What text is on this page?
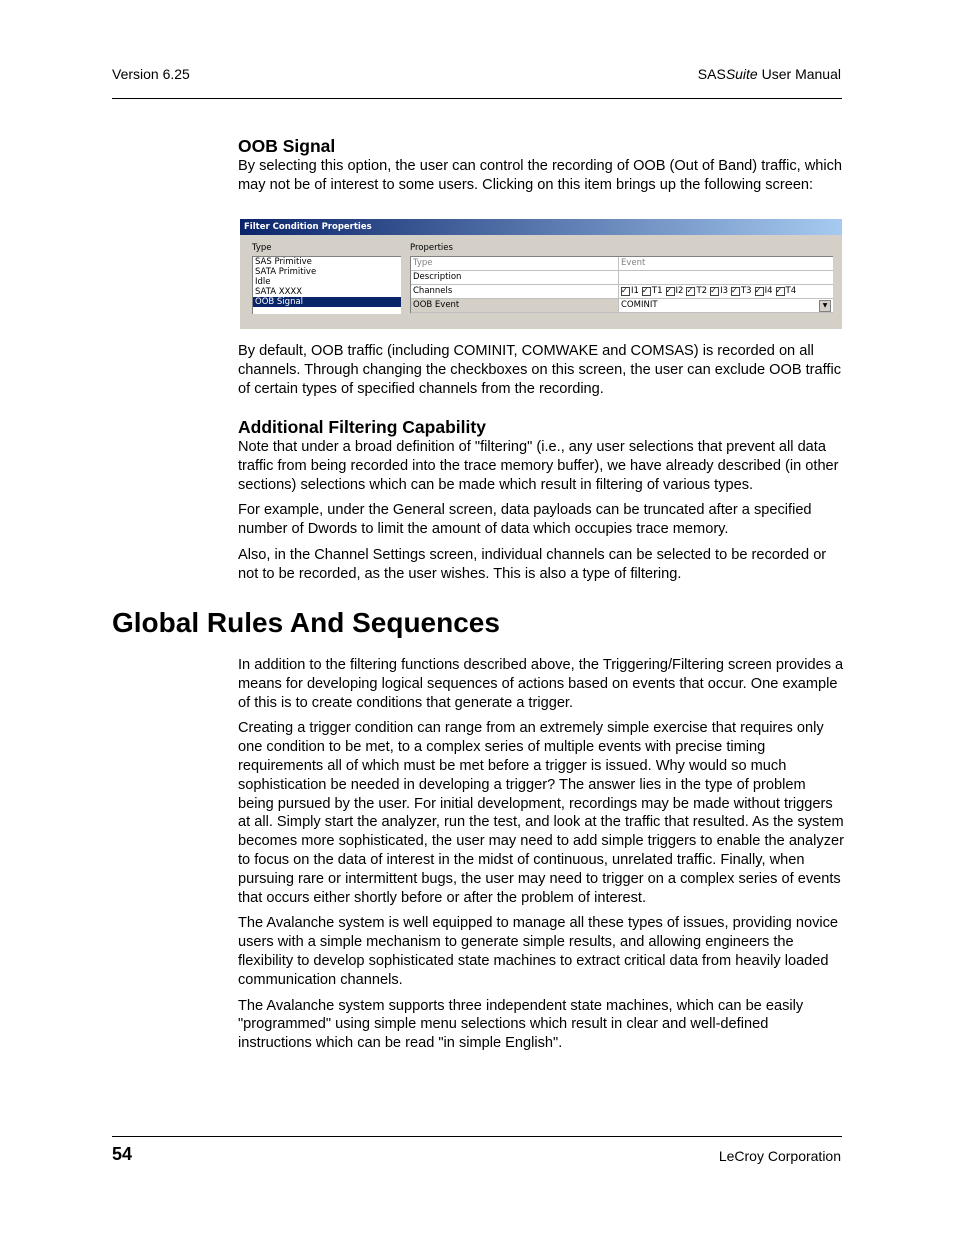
Version 6.25	SASSuite User Manual
OOB Signal

By selecting this option, the user can control the recording of OOB (Out of Band) traffic, which may not be of interest to some users. Clicking on this item brings up the following screen:

Filter Condition Properties
Type	Properties
SAS Primitive
SATA Primitive
Idle
SATA XXXX
OOB Signal
Type	Event
Description
Channels ✓	I1 ✓ T1 ✓ I2 ✓ T2 ✓ I3 ✓ T3 ✓ I4 ✓ T4
OOB Event	COMINIT	▼

By default, OOB traffic (including COMINIT, COMWAKE and COMSAS) is recorded on all channels. Through changing the checkboxes on this screen, the user can exclude OOB traffic of certain types of specified channels from the recording.

Additional Filtering Capability

Note that under a broad definition of "filtering" (i.e., any user selections that prevent all data traffic from being recorded into the trace memory buffer), we have already described (in other sections) selections which can be made which result in filtering of various types.

For example, under the General screen, data payloads can be truncated after a specified number of Dwords to limit the amount of data which occupies trace memory.

Also, in the Channel Settings screen, individual channels can be selected to be recorded or not to be recorded, as the user wishes. This is also a type of filtering.

Global Rules And Sequences

In addition to the filtering functions described above, the Triggering/Filtering screen provides a means for developing logical sequences of actions based on events that occur. One example of this is to create conditions that generate a trigger.

Creating a trigger condition can range from an extremely simple exercise that requires only one condition to be met, to a complex series of multiple events with precise timing requirements all of which must be met before a trigger is issued. Why would so much sophistication be needed in developing a trigger? The answer lies in the type of problem being pursued by the user. For initial development, recordings may be made without triggers at all. Simply start the analyzer, run the test, and look at the traffic that resulted. As the system becomes more sophisticated, the user may need to add simple triggers to enable the analyzer to focus on the data of interest in the midst of continuous, unrelated traffic. Finally, when pursuing rare or intermittent bugs, the user may need to trigger on a complex series of events that occurs either shortly before or after the problem of interest.

The Avalanche system is well equipped to manage all these types of issues, providing novice users with a simple mechanism to generate simple results, and allowing engineers the flexibility to develop sophisticated state machines to extract critical data from heavily loaded communication channels.

The Avalanche system supports three independent state machines, which can be easily "programmed" using simple menu selections which result in clear and well-defined instructions which can be read "in simple English".

54	LeCroy Corporation
